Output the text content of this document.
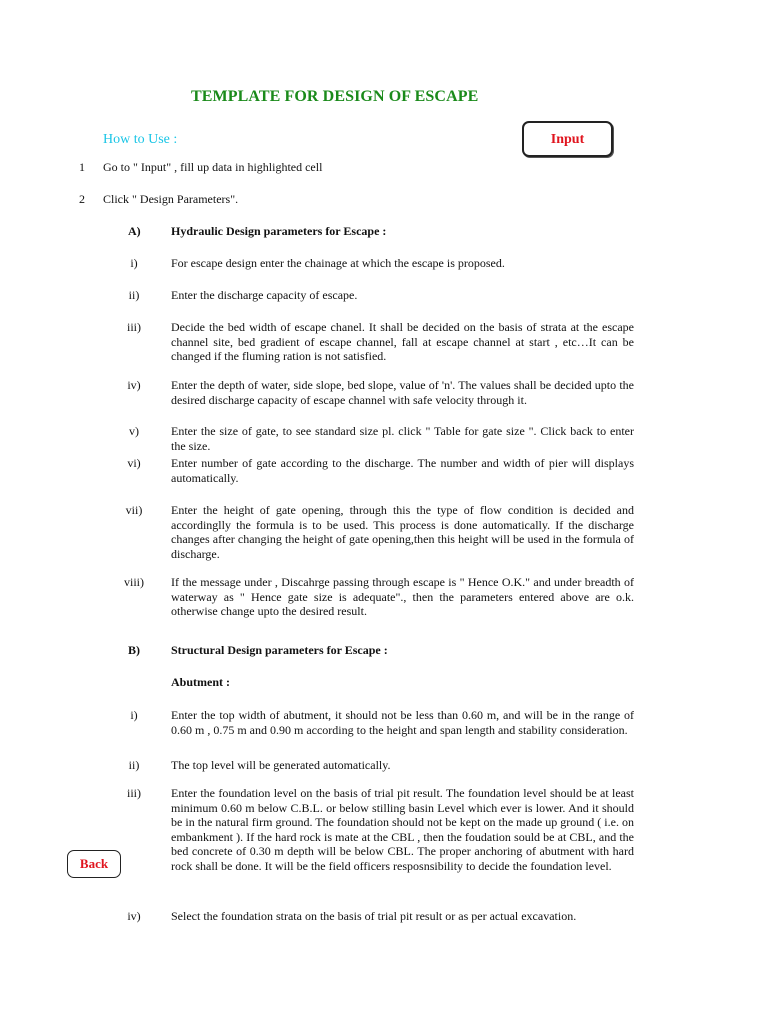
TEMPLATE FOR DESIGN OF ESCAPE
How to Use :	Input
1 Go to " Input" , fill up data in highlighted cell
2 Click " Design Parameters".
A)	Hydraulic Design parameters for Escape :
i)	For escape design enter the chainage at which the escape is proposed.
ii)	Enter the discharge capacity of escape.
iii)	Decide the bed width of escape chanel. It shall be decided on the basis of strata at the escape channel site, bed gradient of escape channel, fall at escape channel at start , etc…It can be changed if the fluming ration is not satisfied.
iv)	Enter the depth of water, side slope, bed slope, value of 'n'. The values shall be decided upto the desired discharge capacity of escape channel with safe velocity through it.
v)	Enter the size of gate, to see standard size pl. click " Table for gate size ". Click back to enter the size.
vi)	Enter number of gate according to the discharge. The number and width of pier will displays automatically.
vii)	Enter the height of gate opening, through this the type of flow condition is decided and accordinglly the formula is to be used. This process is done automatically. If the discharge changes after changing the height of gate opening,then this height will be used in the formula of discharge.
viii)	If the message under , Discahrge passing through escape is " Hence O.K." and under breadth of waterway as " Hence gate size is adequate"., then the parameters entered above are o.k. otherwise change upto the desired result.
B)	Structural Design parameters for Escape :
Abutment :
i)	Enter the top width of abutment, it should not be less than 0.60 m, and will be in the range of 0.60 m , 0.75 m and 0.90 m according to the height and span length and stability consideration.
ii)	The top level will be generated automatically.
iii)	Enter the foundation level on the basis of trial pit result. The foundation level should be at least minimum 0.60 m below C.B.L. or below stilling basin Level which ever is lower. And it should be in the natural firm ground. The foundation should not be kept on the made up ground ( i.e. on embankment ). If the hard rock is mate at the CBL , then the foudation sould be at CBL, and the bed concrete of 0.30 m depth will be below CBL. The proper anchoring of abutment with hard rock shall be done. It will be the field officers resposnsibility to decide the foundation level.
Back
iv)	Select the foundation strata on the basis of trial pit result or as per actual excavation.
